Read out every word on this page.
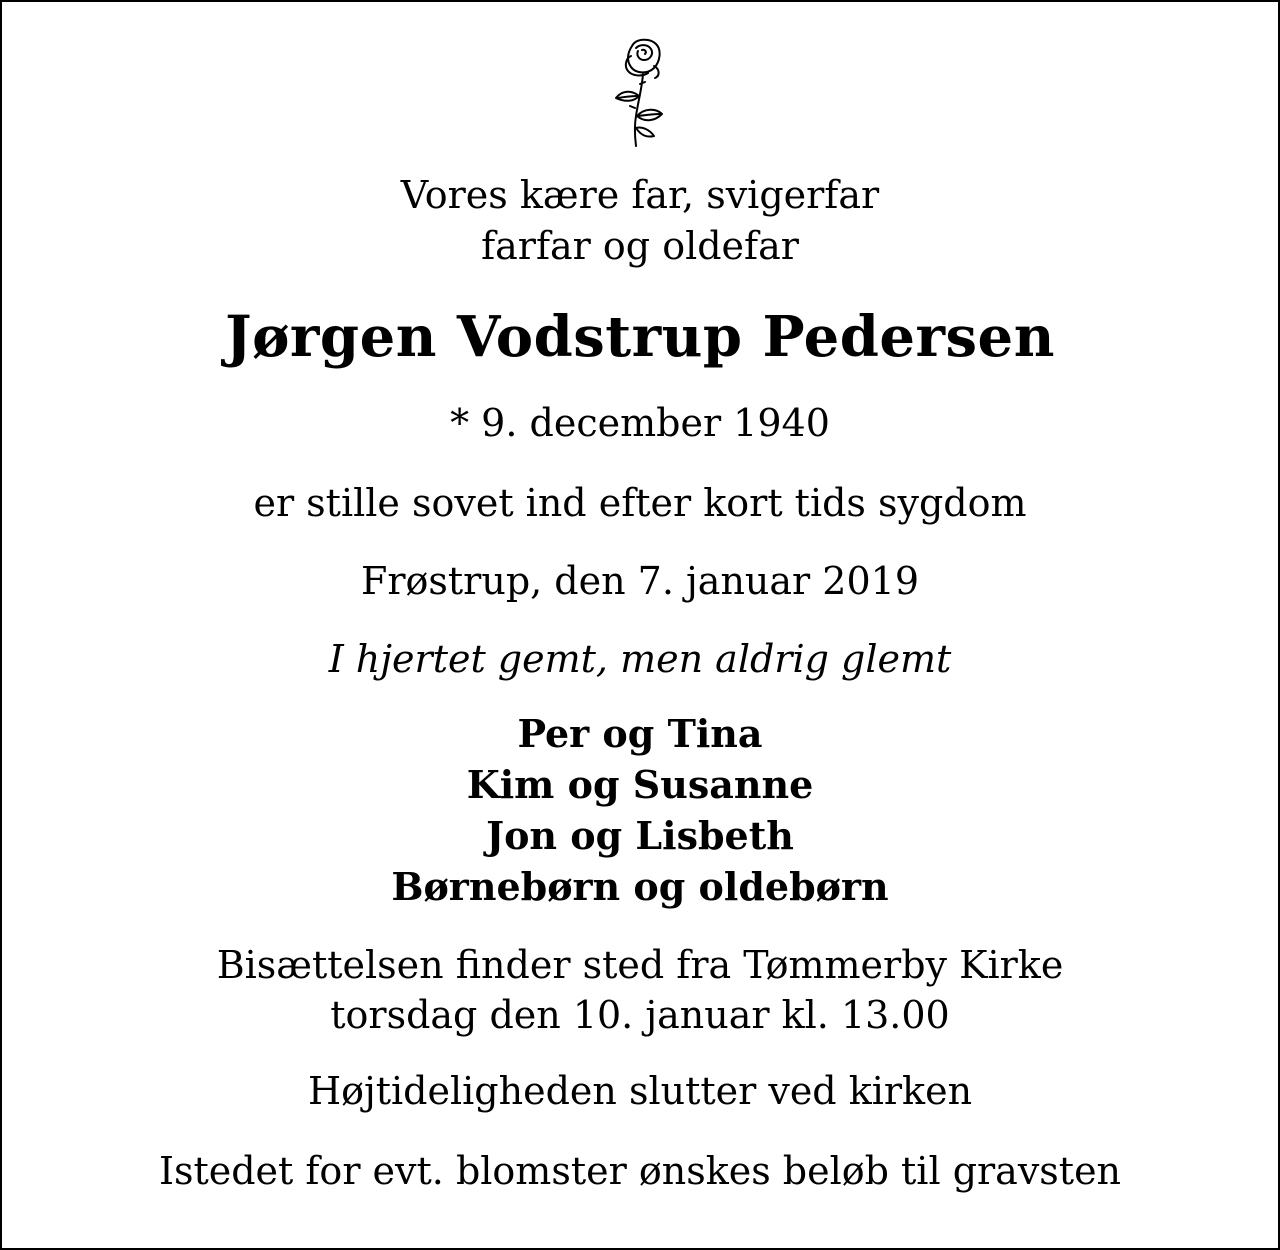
Vores kære far, svigerfar
farfar og oldefar
Jørgen Vodstrup Pedersen
* 9. december 1940
er stille sovet ind efter kort tids sygdom
Frøstrup, den 7. januar 2019
I hjertet gemt, men aldrig glemt
Per og Tina
Kim og Susanne
Jon og Lisbeth
Børnebørn og oldebørn
Bisættelsen finder sted fra Tømmerby Kirke
torsdag den 10. januar kl. 13.00
Højtideligheden slutter ved kirken
Istedet for evt. blomster ønskes beløb til gravsten
